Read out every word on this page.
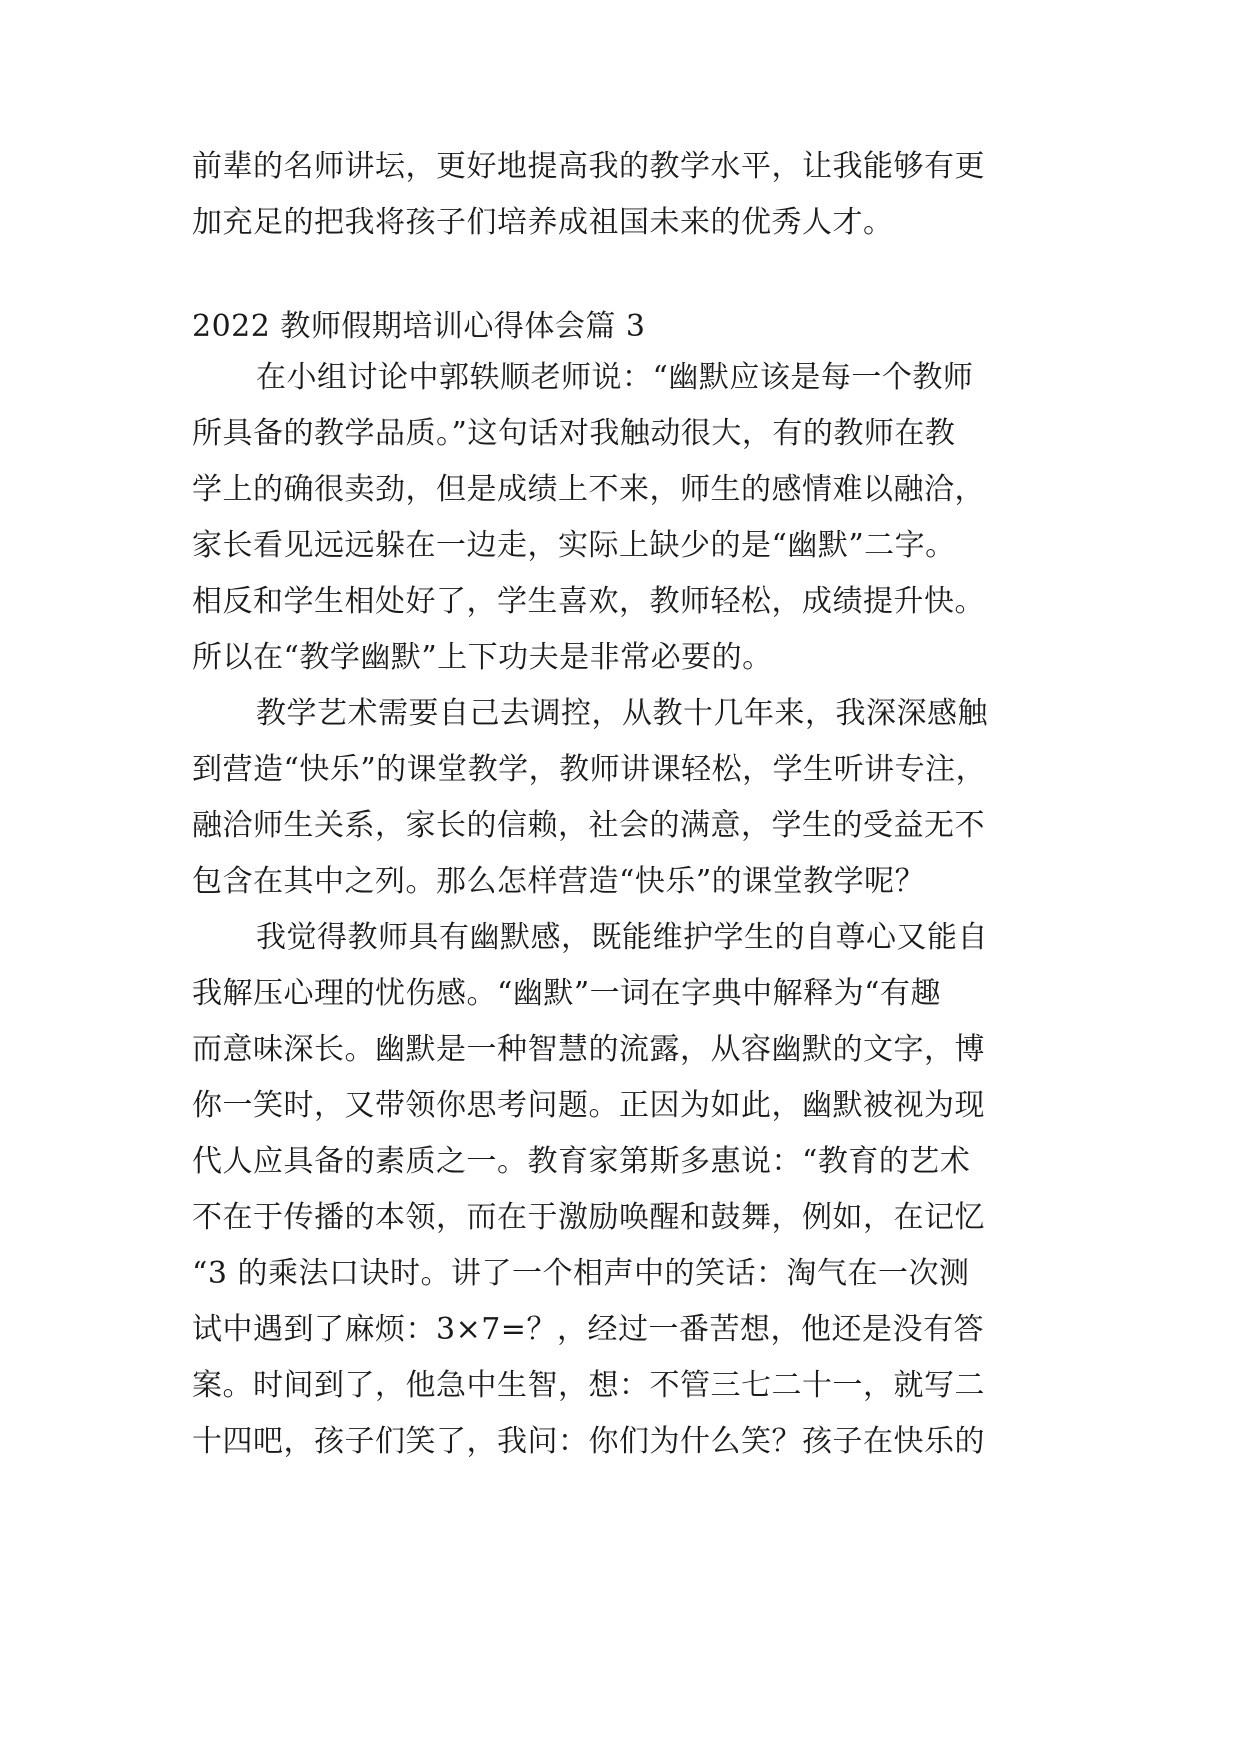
前辈的名师讲坛，更好地提高我的教学水平，让我能够有更
加充足的把我将孩子们培养成祖国未来的优秀人才。
2022 教师假期培训心得体会篇 3
在小组讨论中郭轶顺老师说：“幽默应该是每一个教师
所具备的教学品质。”这句话对我触动很大，有的教师在教
学上的确很卖劲，但是成绩上不来，师生的感情难以融洽，
家长看见远远躲在一边走，实际上缺少的是“幽默”二字。
相反和学生相处好了，学生喜欢，教师轻松，成绩提升快。
所以在“教学幽默”上下功夫是非常必要的。
教学艺术需要自己去调控，从教十几年来，我深深感触
到营造“快乐”的课堂教学，教师讲课轻松，学生听讲专注，
融洽师生关系，家长的信赖，社会的满意，学生的受益无不
包含在其中之列。那么怎样营造“快乐”的课堂教学呢？
我觉得教师具有幽默感，既能维护学生的自尊心又能自
我解压心理的忧伤感。“幽默”一词在字典中解释为“有趣
而意味深长。幽默是一种智慧的流露，从容幽默的文字，博
你一笑时，又带领你思考问题。正因为如此，幽默被视为现
代人应具备的素质之一。教育家第斯多惠说：“教育的艺术
不在于传播的本领，而在于激励唤醒和鼓舞，例如，在记忆
“3 的乘法口诀时。讲了一个相声中的笑话：淘气在一次测
试中遇到了麻烦：3×7=？，经过一番苦想，他还是没有答
案。时间到了，他急中生智，想：不管三七二十一，就写二
十四吧，孩子们笑了，我问：你们为什么笑？孩子在快乐的
